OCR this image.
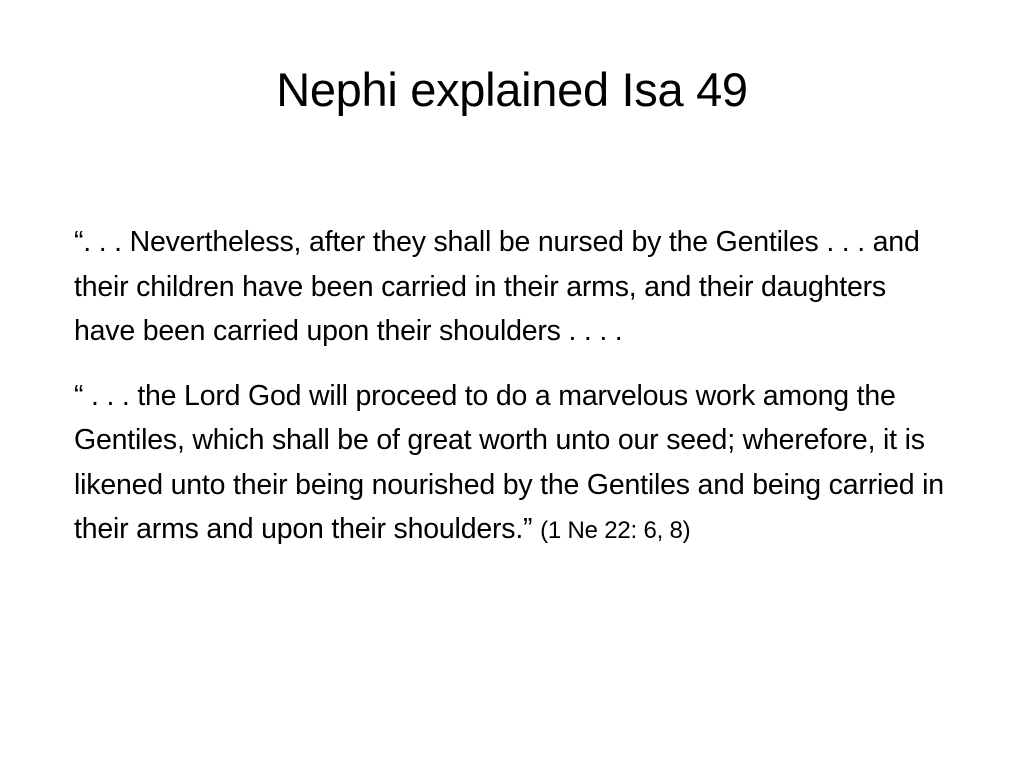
Nephi explained Isa 49

“. . . Nevertheless, after they shall be nursed by the Gentiles . . . and their children have been carried in their arms, and their daughters have been carried upon their shoulders . . . .

“ . . . the Lord God will proceed to do a marvelous work among the Gentiles, which shall be of great worth unto our seed; wherefore, it is likened unto their being nourished by the Gentiles and being carried in their arms and upon their shoulders.” (1 Ne 22: 6, 8)
